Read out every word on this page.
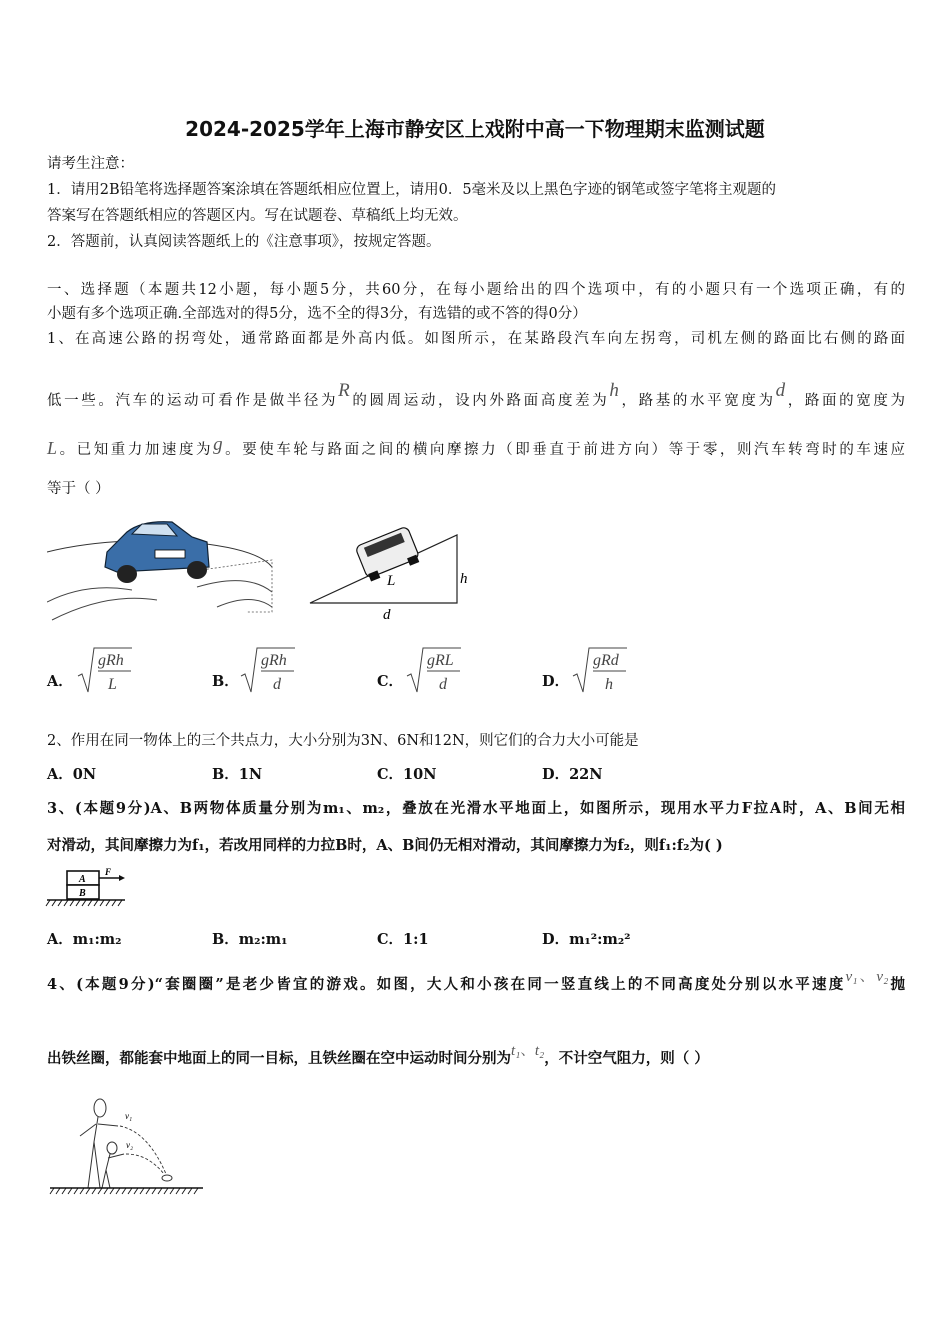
2024-2025学年上海市静安区上戏附中高一下物理期末监测试题
请考生注意：
1．请用2B铅笔将选择题答案涂填在答题纸相应位置上，请用0．5毫米及以上黑色字迹的钢笔或签字笔将主观题的
答案写在答题纸相应的答题区内。写在试题卷、草稿纸上均无效。
2．答题前，认真阅读答题纸上的《注意事项》，按规定答题。
一、选择题（本题共12小题，每小题5分，共60分，在每小题给出的四个选项中，有的小题只有一个选项正确，有的
小题有多个选项正确.全部选对的得5分，选不全的得3分，有选错的或不答的得0分）
1、在高速公路的拐弯处，通常路面都是外高内低。如图所示，在某路段汽车向左拐弯，司机左侧的路面比右侧的路面
低一些。汽车的运动可看作是做半径为R的圆周运动，设内外路面高度差为h，路基的水平宽度为d，路面的宽度为
L。已知重力加速度为g。要使车轮与路面之间的横向摩擦力（即垂直于前进方向）等于零，则汽车转弯时的车速应
等于（ ）
L	h
d
A．
gRh
L	B．
gRh
d	C．
gRL
d	D．
gRd
h
2、作用在同一物体上的三个共点力，大小分别为3N、6N和12N，则它们的合力大小可能是
A．0N	B．1N	C．10N	D．22N
3、(本题9分)A、B两物体质量分别为m₁、m₂，叠放在光滑水平地面上，如图所示，现用水平力F拉A时，A、B间无相
对滑动，其间摩擦力为f₁，若改用同样的力拉B时，A、B间仍无相对滑动，其间摩擦力为f₂，则f₁:f₂为( )
A
B
F
A．m₁:m₂	B．m₂:m₁	C．1:1	D．m₁²:m₂²
4、(本题9分)“套圈圈”是老少皆宜的游戏。如图，大人和小孩在同一竖直线上的不同高度处分别以水平速度v₁、v₂抛
出铁丝圈，都能套中地面上的同一目标，且铁丝圈在空中运动时间分别为t₁、t₂，不计空气阻力，则（ ）
v₁
v₂
